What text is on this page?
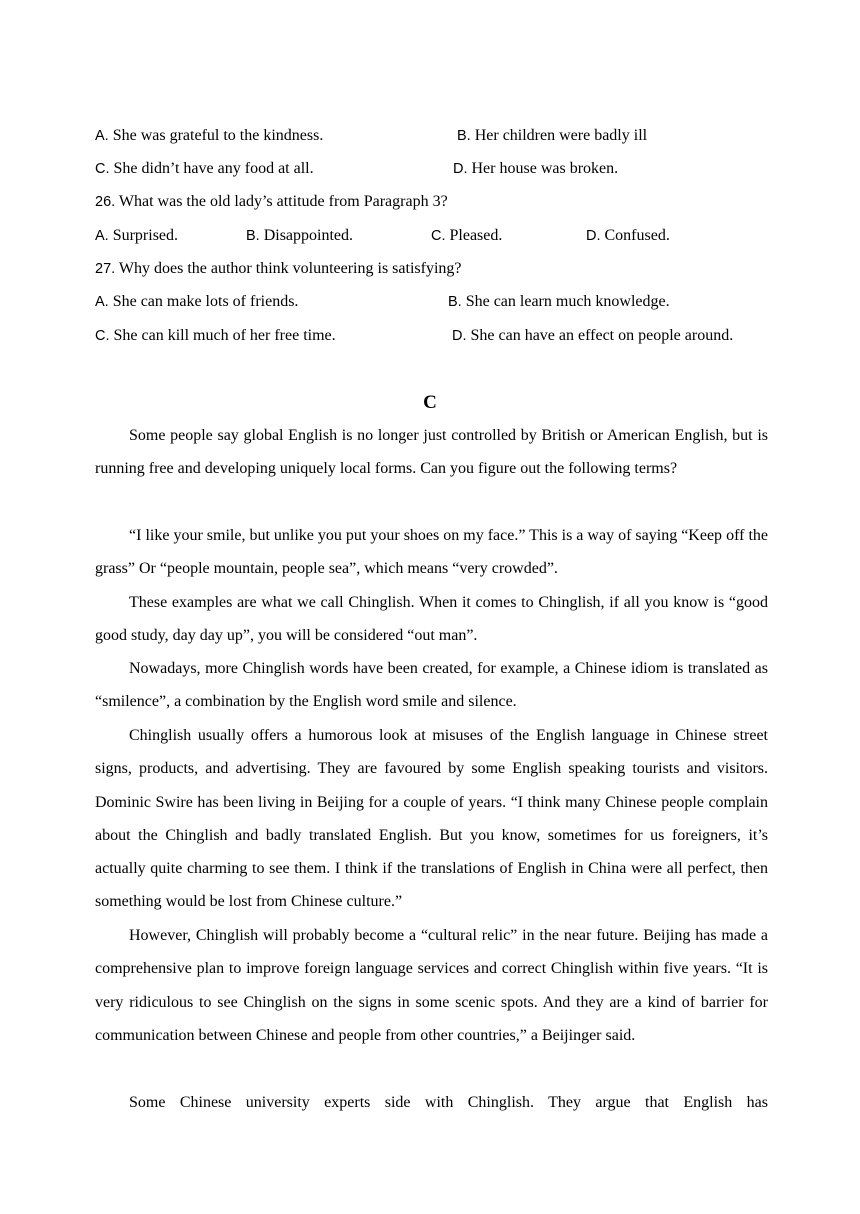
A. She was grateful to the kindness.	B. Her children were badly ill
C. She didn’t have any food at all.	D. Her house was broken.
26. What was the old lady’s attitude from Paragraph 3?
A. Surprised.	B. Disappointed.	C. Pleased.	D. Confused.
27. Why does the author think volunteering is satisfying?
A. She can make lots of friends.	B. She can learn much knowledge.
C. She can kill much of her free time.	D. She can have an effect on people around.
C

Some people say global English is no longer just controlled by British or American English, but is running free and developing uniquely local forms. Can you figure out the following terms?

“I like your smile, but unlike you put your shoes on my face.” This is a way of saying “Keep off the grass” Or “people mountain, people sea”, which means “very crowded”.

These examples are what we call Chinglish. When it comes to Chinglish, if all you know is “good good study, day day up”, you will be considered “out man”.

Nowadays, more Chinglish words have been created, for example, a Chinese idiom is translated as “smilence”, a combination by the English word smile and silence.

Chinglish usually offers a humorous look at misuses of the English language in Chinese street signs, products, and advertising. They are favoured by some English speaking tourists and visitors. Dominic Swire has been living in Beijing for a couple of years. “I think many Chinese people complain about the Chinglish and badly translated English. But you know, sometimes for us foreigners, it’s actually quite charming to see them. I think if the translations of English in China were all perfect, then something would be lost from Chinese culture.”

However, Chinglish will probably become a “cultural relic” in the near future. Beijing has made a comprehensive plan to improve foreign language services and correct Chinglish within five years. “It is very ridiculous to see Chinglish on the signs in some scenic spots. And they are a kind of barrier for communication between Chinese and people from other countries,” a Beijinger said.

Some Chinese university experts side with Chinglish. They argue that English has
